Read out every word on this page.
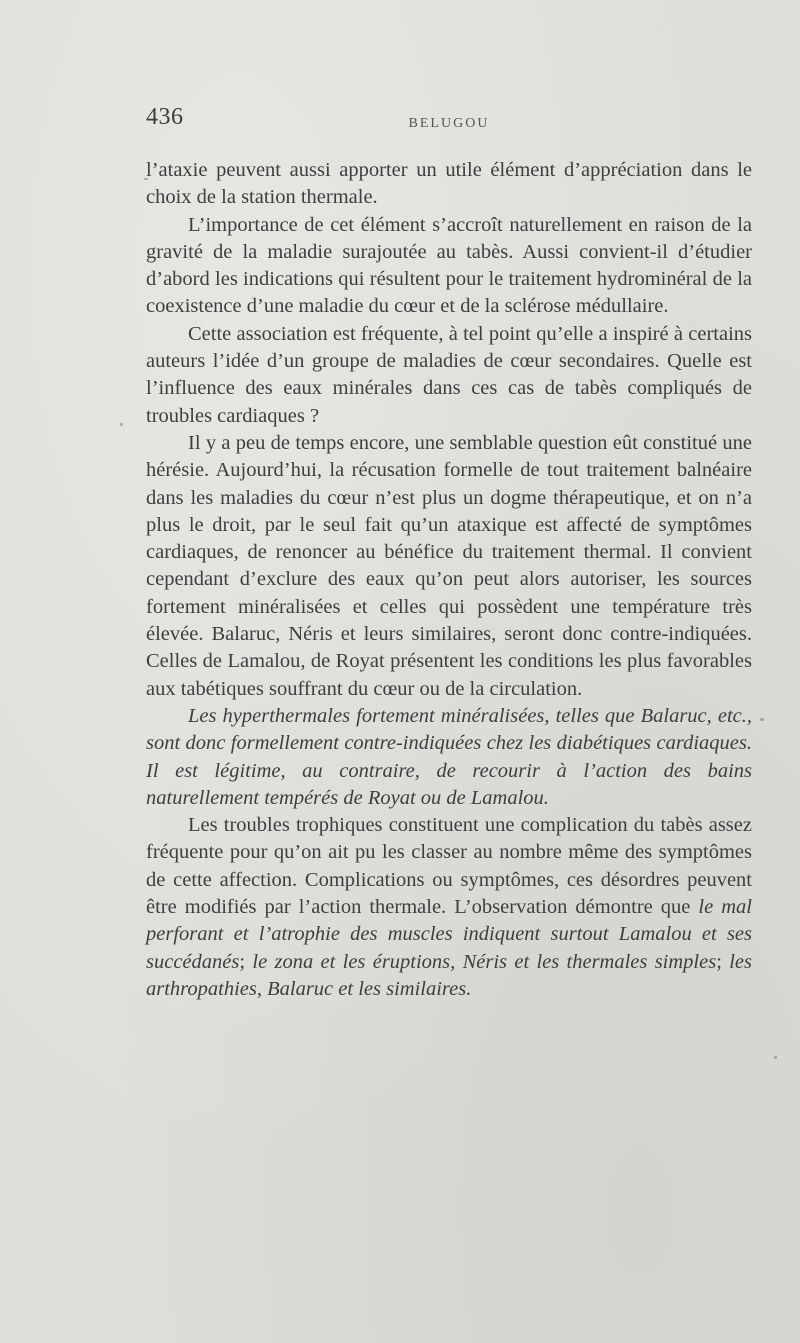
436	BELUGOU

l’ataxie peuvent aussi apporter un utile élément d’appréciation dans le choix de la station thermale.

L’importance de cet élément s’accroît naturellement en raison de la gravité de la maladie surajoutée au tabès. Aussi convient-il d’étudier d’abord les indications qui résultent pour le traitement hydrominéral de la coexistence d’une maladie du cœur et de la sclérose médullaire.

Cette association est fréquente, à tel point qu’elle a inspiré à certains auteurs l’idée d’un groupe de maladies de cœur secondaires. Quelle est l’influence des eaux minérales dans ces cas de tabès compliqués de troubles cardiaques ?

Il y a peu de temps encore, une semblable question eût constitué une hérésie. Aujourd’hui, la récusation formelle de tout traitement balnéaire dans les maladies du cœur n’est plus un dogme thérapeutique, et on n’a plus le droit, par le seul fait qu’un ataxique est affecté de symptômes cardiaques, de renoncer au bénéfice du traitement thermal. Il convient cependant d’exclure des eaux qu’on peut alors autoriser, les sources fortement minéralisées et celles qui possèdent une température très élevée. Balaruc, Néris et leurs similaires, seront donc contre-indiquées. Celles de Lamalou, de Royat présentent les conditions les plus favorables aux tabétiques souffrant du cœur ou de la circulation.

Les hyperthermales fortement minéralisées, telles que Balaruc, etc., sont donc formellement contre-indiquées chez les diabétiques cardiaques. Il est légitime, au contraire, de recourir à l’action des bains naturellement tempérés de Royat ou de Lamalou.

Les troubles trophiques constituent une complication du tabès assez fréquente pour qu’on ait pu les classer au nombre même des symptômes de cette affection. Complications ou symptômes, ces désordres peuvent être modifiés par l’action thermale. L’observation démontre que le mal perforant et l’atrophie des muscles indiquent surtout Lamalou et ses succédanés; le zona et les éruptions, Néris et les thermales simples; les arthropathies, Balaruc et les similaires.
